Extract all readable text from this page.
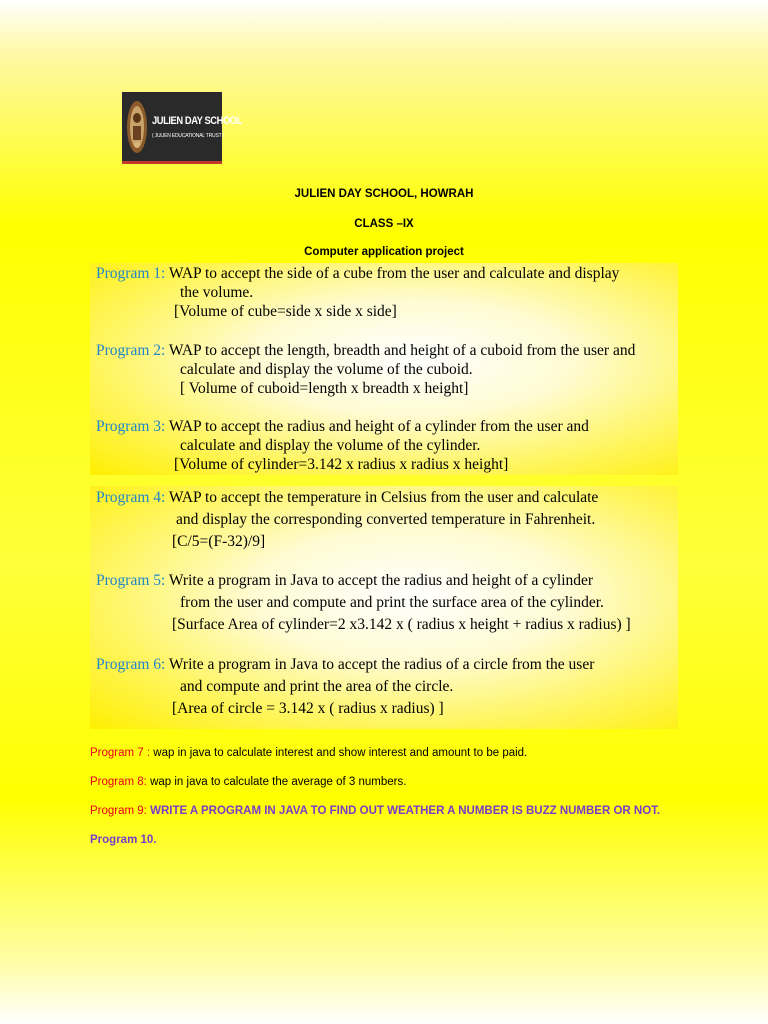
JULIEN DAY SCHOOL
( JULIEN EDUCATIONAL TRUST )
JULIEN DAY SCHOOL, HOWRAH
CLASS –IX
Computer application project
Program 1: WAP to accept the side of a cube from the user and calculate and display
the volume.
[Volume of cube=side x side x side]
Program 2: WAP to accept the length, breadth and height of a cuboid from the user and
calculate and display the volume of the cuboid.
[ Volume of cuboid=length x breadth x height]
Program 3: WAP to accept the radius and height of a cylinder from the user and
calculate and display the volume of the cylinder.
[Volume of cylinder=3.142 x radius x radius x height]
Program 4: WAP to accept the temperature in Celsius from the user and calculate
and display the corresponding converted temperature in Fahrenheit.
[C/5=(F-32)/9]
Program 5: Write a program in Java to accept the radius and height of a cylinder
from the user and compute and print the surface area of the cylinder.
[Surface Area of cylinder=2 x3.142 x ( radius x height + radius x radius) ]
Program 6: Write a program in Java to accept the radius of a circle from the user
and compute and print the area of the circle.
[Area of circle = 3.142 x ( radius x radius) ]
Program 7 : wap in java to calculate interest and show interest and amount to be paid.
Program 8: wap in java to calculate the average of 3 numbers.
Program 9: WRITE A PROGRAM IN JAVA TO FIND OUT WEATHER A NUMBER IS BUZZ NUMBER OR NOT.
Program 10.
